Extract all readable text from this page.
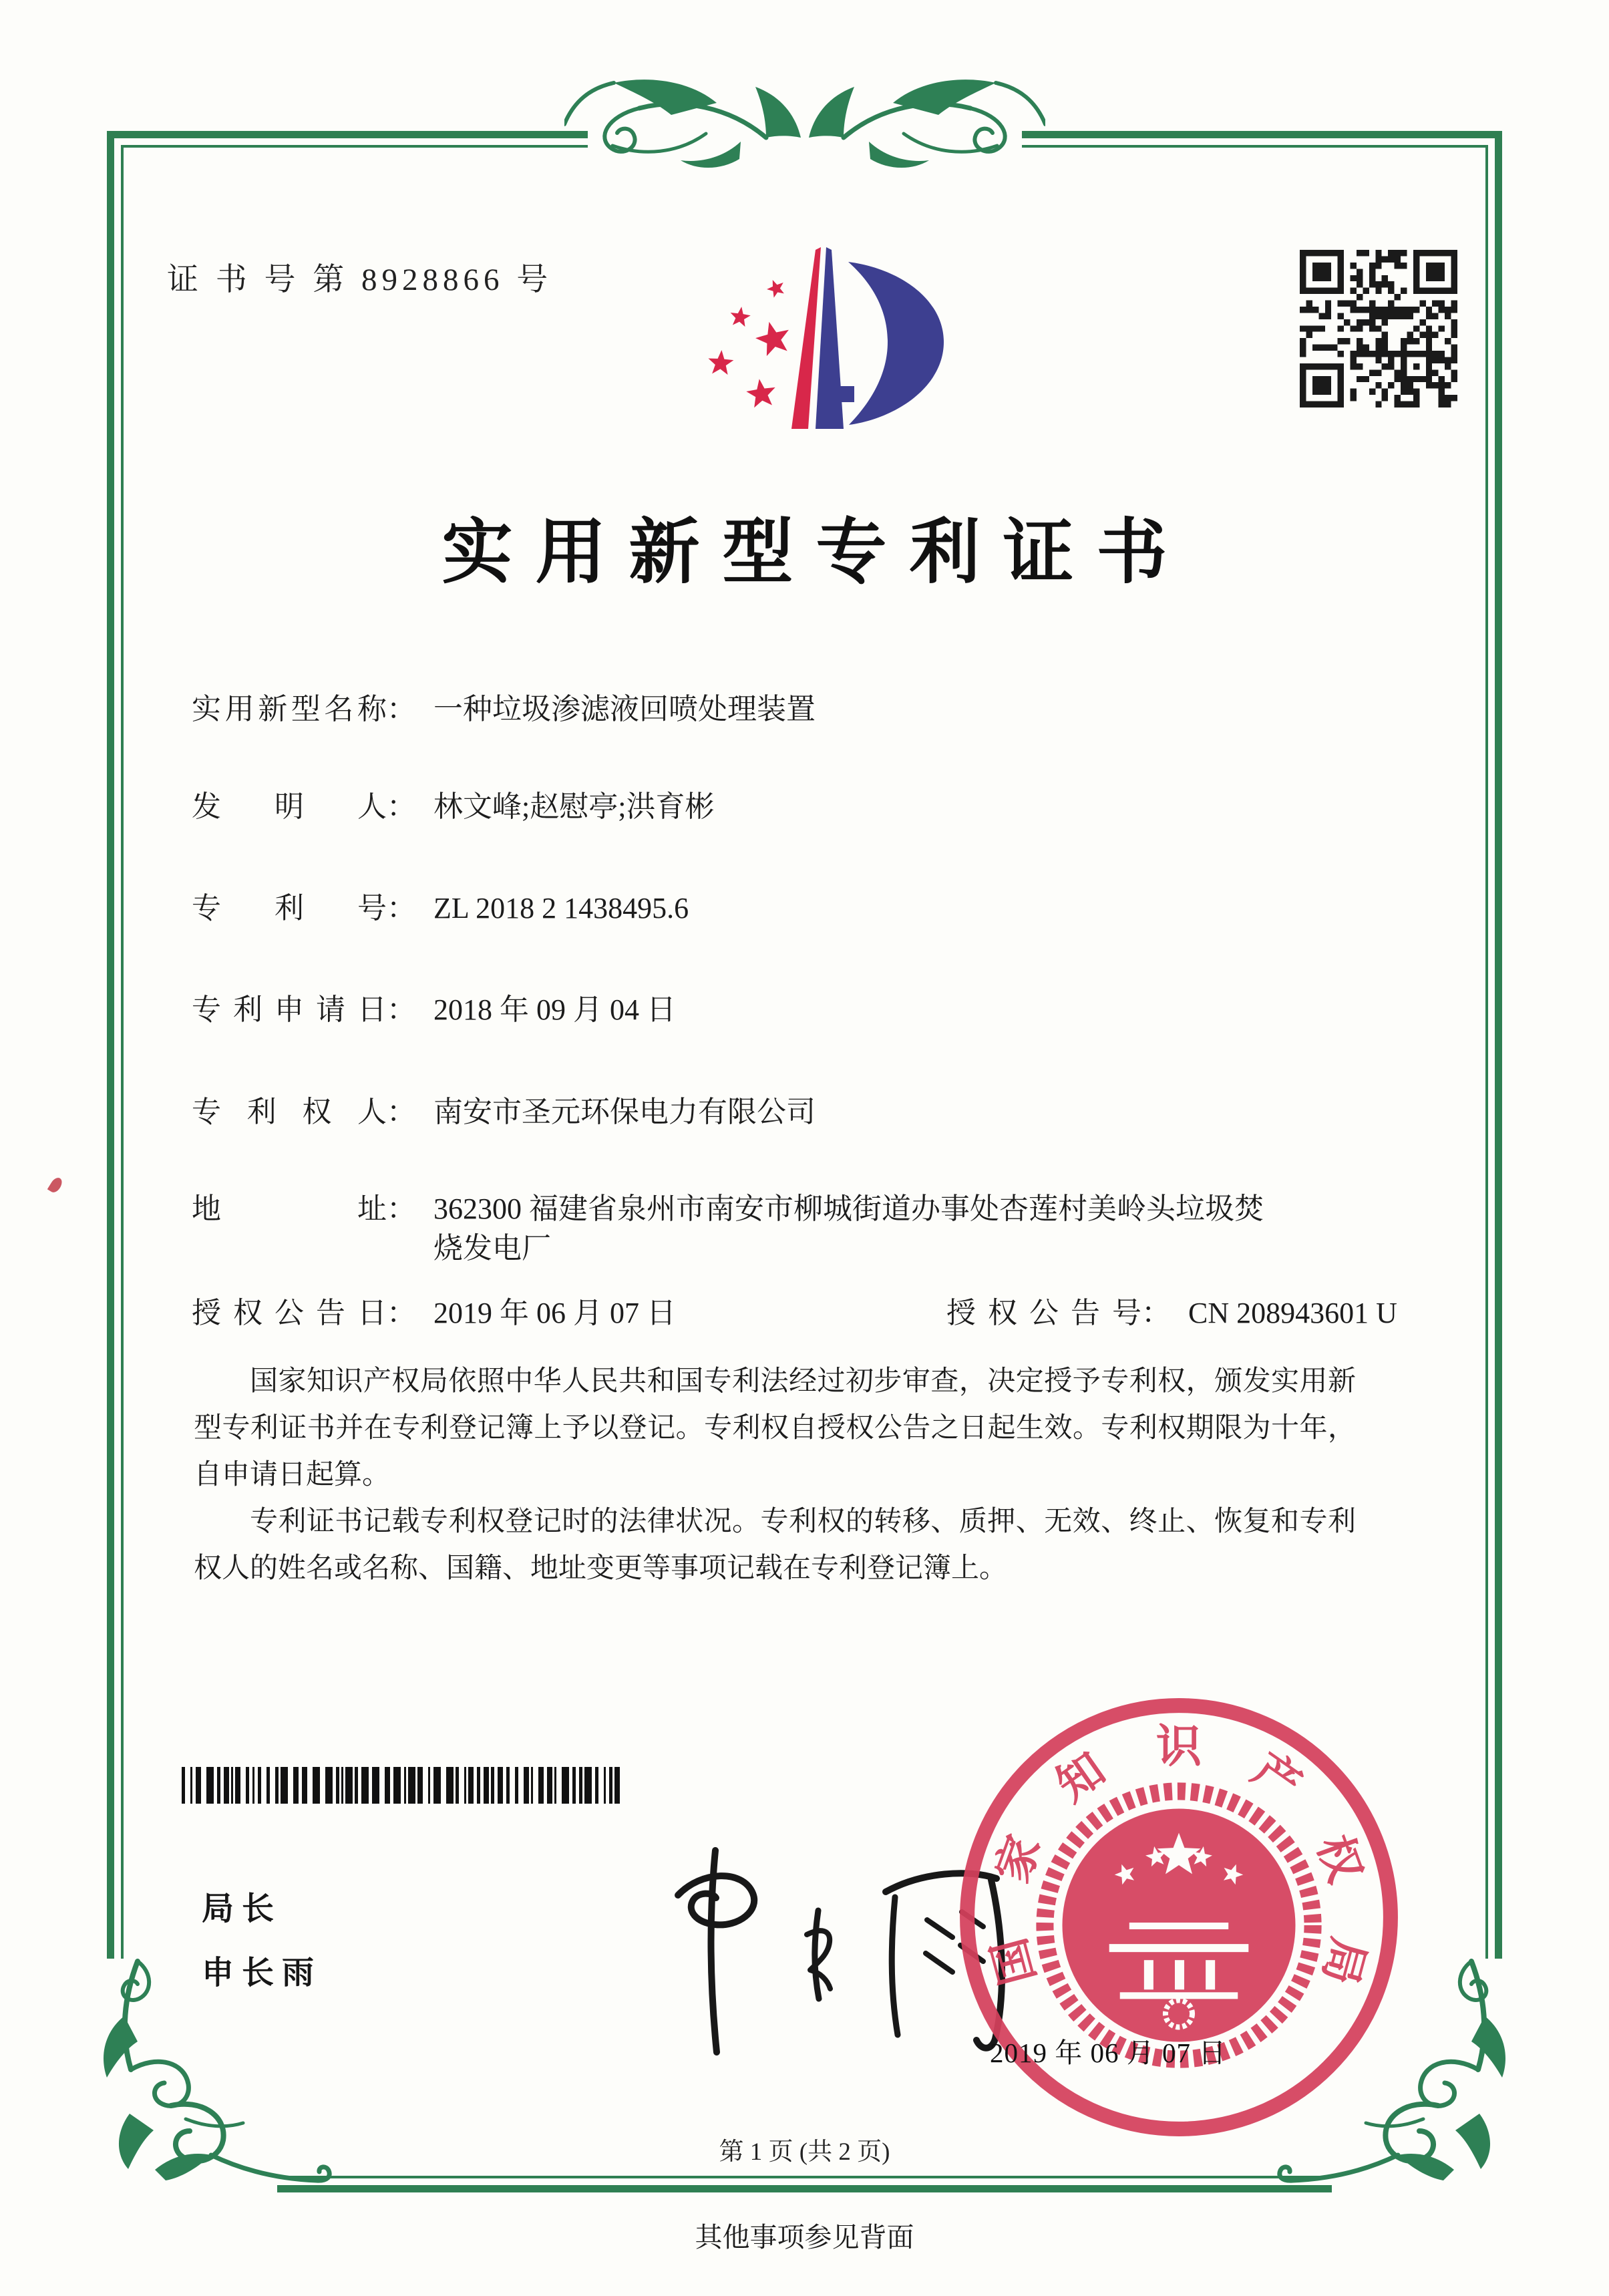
证 书 号 第 8928866 号
实用新型专利证书
实用新型名称： 一种垃圾渗滤液回喷处理装置
发明人： 林文峰;赵慰亭;洪育彬
专利号： ZL 2018 2 1438495.6
专利申请日： 2018 年 09 月 04 日
专利权人： 南安市圣元环保电力有限公司
地址： 362300 福建省泉州市南安市柳城街道办事处杏莲村美岭头垃圾焚烧发电厂
授权公告日： 2019 年 06 月 07 日	授权公告号： CN 208943601 U

国家知识产权局依照中华人民共和国专利法经过初步审查，决定授予专利权，颁发实用新型专利证书并在专利登记簿上予以登记。专利权自授权公告之日起生效。专利权期限为十年，自申请日起算。

专利证书记载专利权登记时的法律状况。专利权的转移、质押、无效、终止、恢复和专利权人的姓名或名称、国籍、地址变更等事项记载在专利登记簿上。

局长
申长雨	国
家
知 识 产
权
局
2019 年 06 月 07 日
第 1 页 (共 2 页)
其他事项参见背面
